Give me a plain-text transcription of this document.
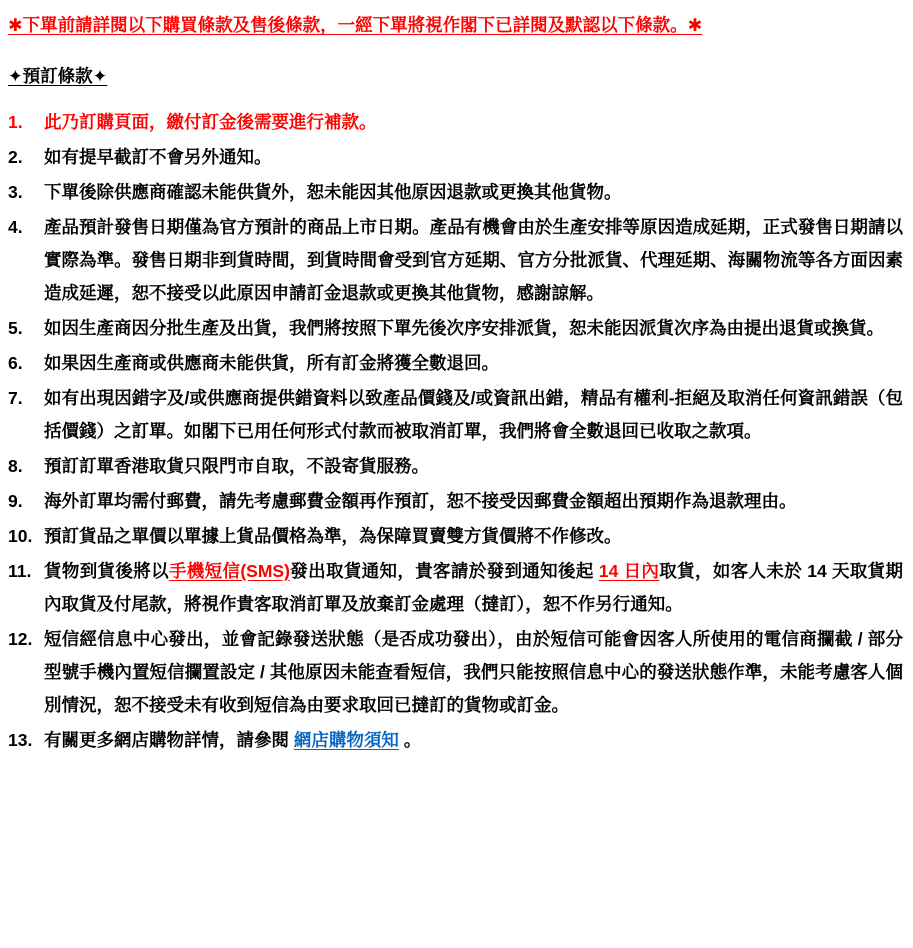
✱下單前請詳閱以下購買條款及售後條款，一經下單將視作閣下已詳閱及默認以下條款。✱
✦預訂條款✦
1.	此乃訂購頁面，繳付訂金後需要進行補款。
2.	如有提早截訂不會另外通知。
3.	下單後除供應商確認未能供貨外，恕未能因其他原因退款或更換其他貨物。
4.	產品預計發售日期僅為官方預計的商品上市日期。產品有機會由於生產安排等原因造成延期，正式發售日期請以實際為準。發售日期非到貨時間，到貨時間會受到官方延期、官方分批派貨、代理延期、海關物流等各方面因素造成延遲，恕不接受以此原因申請訂金退款或更換其他貨物，感謝諒解。
5.	如因生產商因分批生產及出貨，我們將按照下單先後次序安排派貨，恕未能因派貨次序為由提出退貨或換貨。
6.	如果因生產商或供應商未能供貨，所有訂金將獲全數退回。
7.	如有出現因錯字及/或供應商提供錯資料以致產品價錢及/或資訊出錯，精品有權利-拒絕及取消任何資訊錯誤（包括價錢）之訂單。如閣下已用任何形式付款而被取消訂單，我們將會全數退回已收取之款項。
8.	預訂訂單香港取貨只限門市自取，不設寄貨服務。
9.	海外訂單均需付郵費，請先考慮郵費金額再作預訂，恕不接受因郵費金額超出預期作為退款理由。
10. 預訂貨品之單價以單據上貨品價格為準，為保障買賣雙方貨價將不作修改。
11. 貨物到貨後將以手機短信(SMS)發出取貨通知，貴客請於發到通知後起 14 日內取貨，如客人未於 14 天取貨期內取貨及付尾款，將視作貴客取消訂單及放棄訂金處理（撻訂），恕不作另行通知。
12. 短信經信息中心發出，並會記錄發送狀態（是否成功發出），由於短信可能會因客人所使用的電信商攔截 / 部分型號手機內置短信攔置設定 / 其他原因未能查看短信，我們只能按照信息中心的發送狀態作準，未能考慮客人個別情況，恕不接受未有收到短信為由要求取回已撻訂的貨物或訂金。
13. 有關更多網店購物詳情，請參閱 網店購物須知 。
